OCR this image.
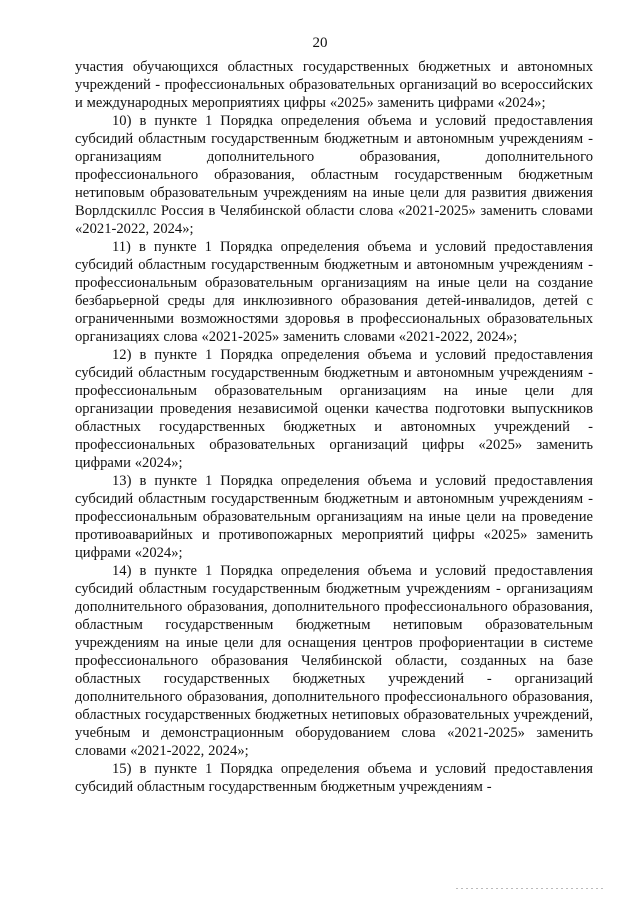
20

участия обучающихся областных государственных бюджетных и автономных учреждений - профессиональных образовательных организаций во всероссийских и международных мероприятиях цифры «2025» заменить цифрами «2024»;

10) в пункте 1 Порядка определения объема и условий предоставления субсидий областным государственным бюджетным и автономным учреждениям - организациям дополнительного образования, дополнительного профессионального образования, областным государственным бюджетным нетиповым образовательным учреждениям на иные цели для развития движения Ворлдскиллс Россия в Челябинской области слова «2021-2025» заменить словами «2021-2022, 2024»;

11) в пункте 1 Порядка определения объема и условий предоставления субсидий областным государственным бюджетным и автономным учреждениям - профессиональным образовательным организациям на иные цели на создание безбарьерной среды для инклюзивного образования детей-инвалидов, детей с ограниченными возможностями здоровья в профессиональных образовательных организациях слова «2021-2025» заменить словами «2021-2022, 2024»;

12) в пункте 1 Порядка определения объема и условий предоставления субсидий областным государственным бюджетным и автономным учреждениям - профессиональным образовательным организациям на иные цели для организации проведения независимой оценки качества подготовки выпускников областных государственных бюджетных и автономных учреждений - профессиональных образовательных организаций цифры «2025» заменить цифрами «2024»;

13) в пункте 1 Порядка определения объема и условий предоставления субсидий областным государственным бюджетным и автономным учреждениям - профессиональным образовательным организациям на иные цели на проведение противоаварийных и противопожарных мероприятий цифры «2025» заменить цифрами «2024»;

14) в пункте 1 Порядка определения объема и условий предоставления субсидий областным государственным бюджетным учреждениям - организациям дополнительного образования, дополнительного профессионального образования, областным государственным бюджетным нетиповым образовательным учреждениям на иные цели для оснащения центров профориентации в системе профессионального образования Челябинской области, созданных на базе областных государственных бюджетных учреждений - организаций дополнительного образования, дополнительного профессионального образования, областных государственных бюджетных нетиповых образовательных учреждений, учебным и демонстрационным оборудованием слова «2021-2025» заменить словами «2021-2022, 2024»;

15) в пункте 1 Порядка определения объема и условий предоставления субсидий областным государственным бюджетным учреждениям -
